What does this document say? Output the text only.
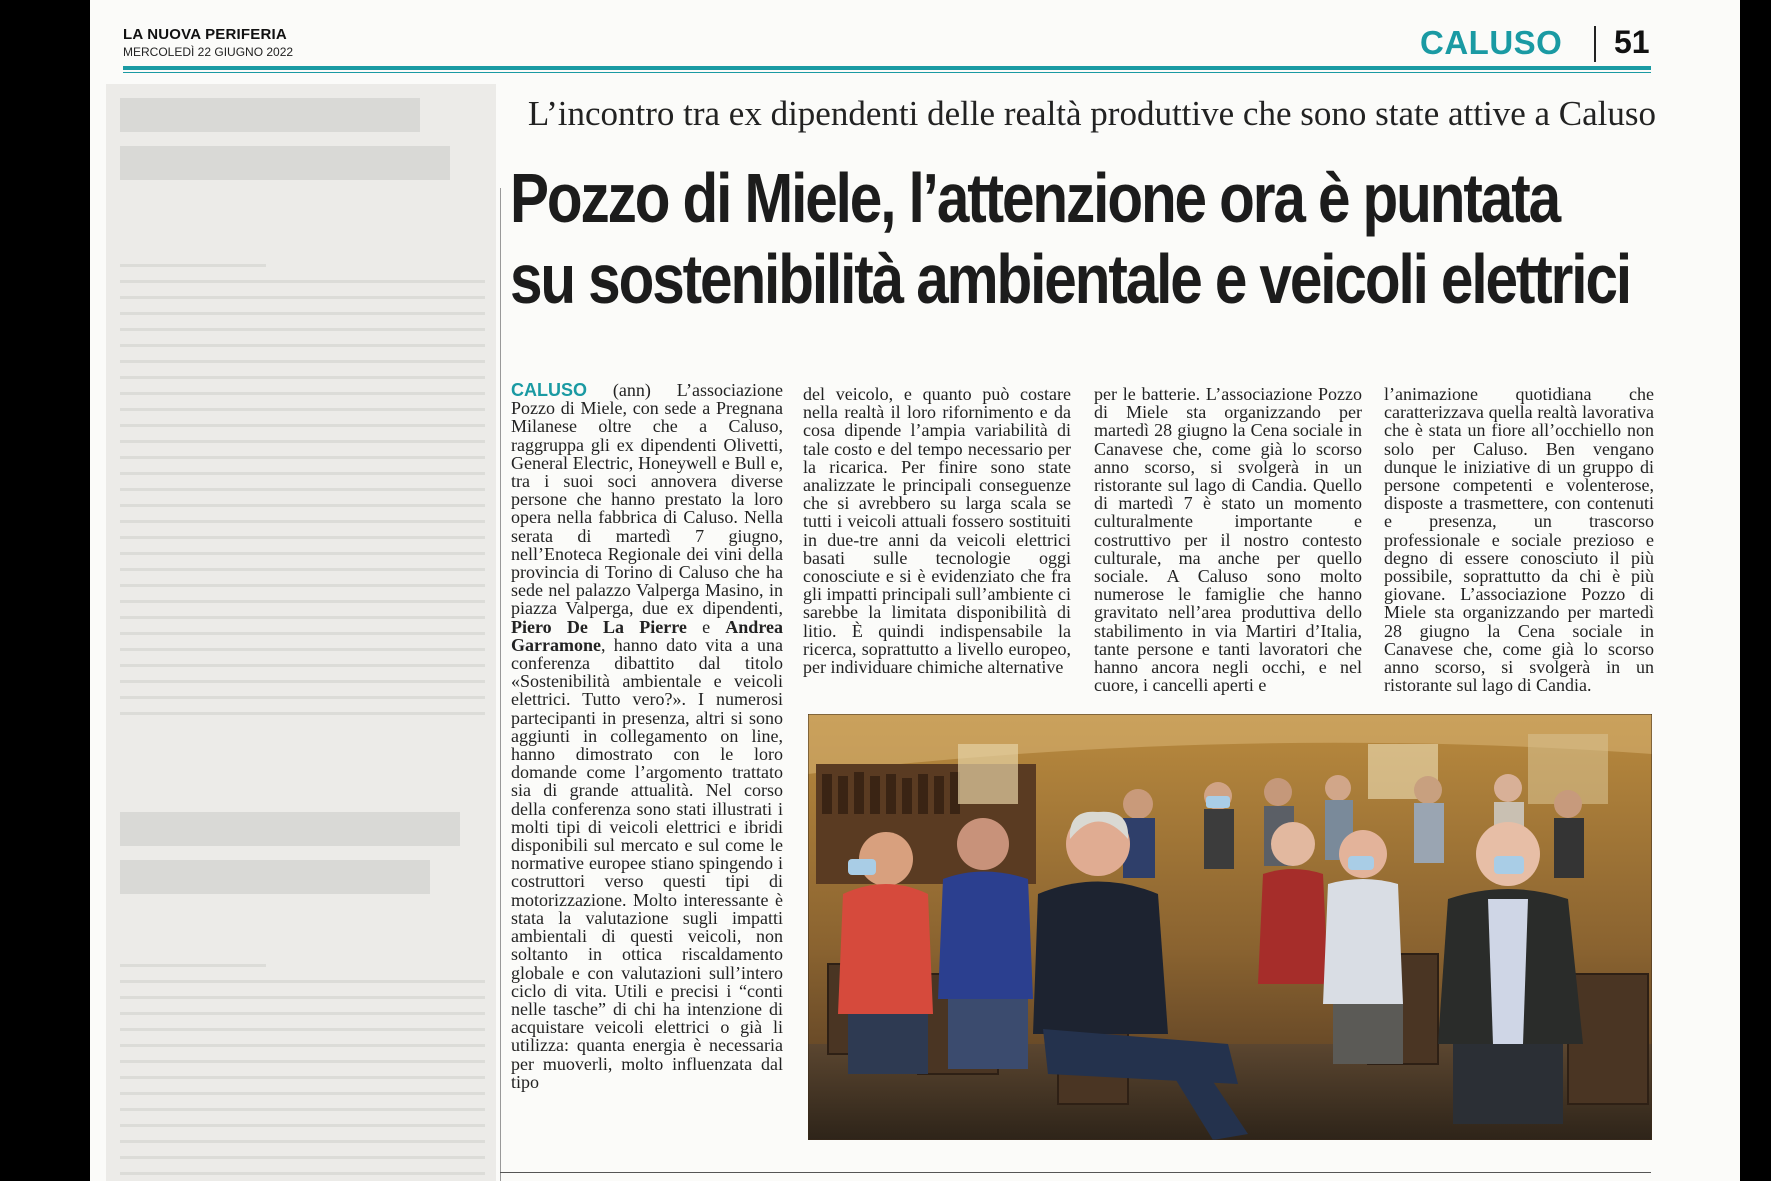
LA NUOVA PERIFERIA
MERCOLEDÌ 22 GIUGNO 2022	CALUSO 51
L’incontro tra ex dipendenti delle realtà produttive che sono state attive a Caluso
Pozzo di Miele, l’attenzione ora è puntata
su sostenibilità ambientale e veicoli elettrici
CALUSO (ann) L’associazione Pozzo di Miele, con sede a Pregnana Milanese oltre che a Caluso, raggruppa gli ex dipendenti Olivetti, General Electric, Honeywell e Bull e, tra i suoi soci annovera diverse persone che hanno prestato la loro opera nella fabbrica di Caluso. Nella serata di martedì 7 giugno, nell’Enoteca Regionale dei vini della provincia di Torino di Caluso che ha sede nel palazzo Valperga Masino, in piazza Valperga, due ex dipendenti, Piero De La Pierre e Andrea Garramone, hanno dato vita a una conferenza dibattito dal titolo «Sostenibilità ambientale e veicoli elettrici. Tutto vero?». I numerosi partecipanti in presenza, altri si sono aggiunti in collegamento on line, hanno dimostrato con le loro domande come l’argomento trattato sia di grande attualità. Nel corso della conferenza sono stati illustrati i molti tipi di veicoli elettrici e ibridi disponibili sul mercato e sul come le normative europee stiano spingendo i costruttori verso questi tipi di motorizzazione. Molto interessante è stata la valutazione sugli impatti ambientali di questi veicoli, non soltanto in ottica riscaldamento globale e con valutazioni sull’intero ciclo di vita. Utili e precisi i “conti nelle tasche” di chi ha intenzione di acquistare veicoli elettrici o già li utilizza: quanta energia è necessaria per muoverli, molto influenzata dal tipo
del veicolo, e quanto può costare nella realtà il loro rifornimento e da cosa dipende l’ampia variabilità di tale costo e del tempo necessario per la ricarica. Per finire sono state analizzate le principali conseguenze che si avrebbero su larga scala se tutti i veicoli attuali fossero sostituiti in due-tre anni da veicoli elettrici basati sulle tecnologie oggi conosciute e si è evidenziato che fra gli impatti principali sull’ambiente ci sarebbe la limitata disponibilità di litio. È quindi indispensabile la ricerca, soprattutto a livello europeo, per individuare chimiche alternative
per le batterie. L’associazione Pozzo di Miele sta organizzando per martedì 28 giugno la Cena sociale in Canavese che, come già lo scorso anno scorso, si svolgerà in un ristorante sul lago di Candia. Quello di martedì 7 è stato un momento culturalmente importante e costruttivo per il nostro contesto culturale, ma anche per quello sociale. A Caluso sono molto numerose le famiglie che hanno gravitato nell’area produttiva dello stabilimento in via Martiri d’Italia, tante persone e tanti lavoratori che hanno ancora negli occhi, e nel cuore, i cancelli aperti e
l’animazione quotidiana che caratterizzava quella realtà lavorativa che è stata un fiore all’occhiello non solo per Caluso. Ben vengano dunque le iniziative di un gruppo di persone competenti e volenterose, disposte a trasmettere, con contenuti e presenza, un trascorso professionale e sociale prezioso e degno di essere conosciuto il più possibile, soprattutto da chi è più giovane. L’associazione Pozzo di Miele sta organizzando per martedì 28 giugno la Cena sociale in Canavese che, come già lo scorso anno scorso, si svolgerà in un ristorante sul lago di Candia.
